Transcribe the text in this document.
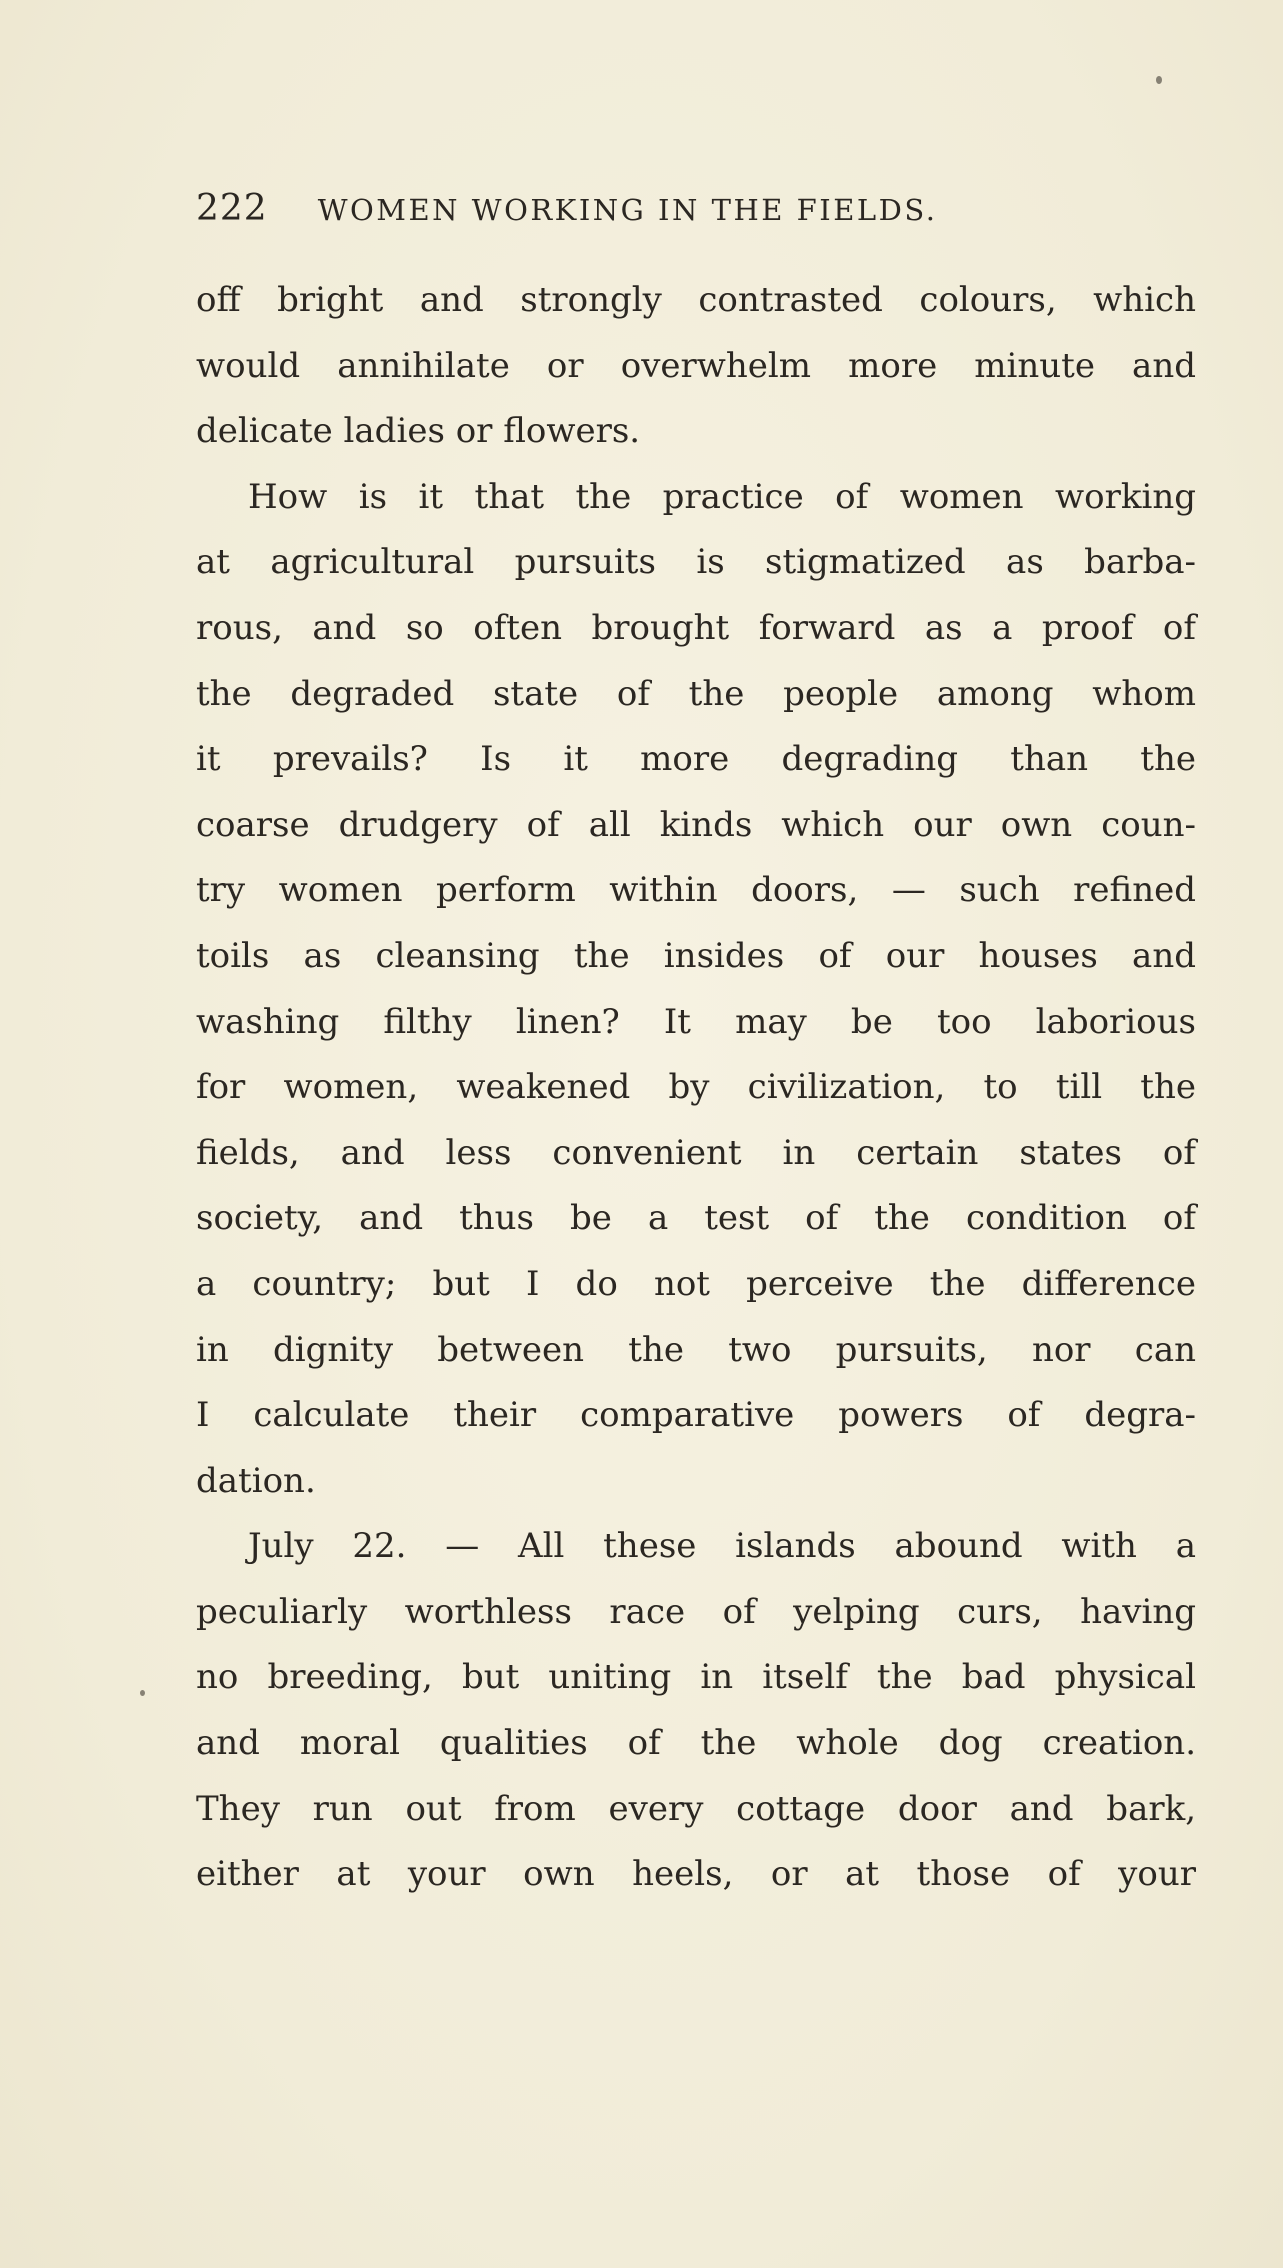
222 WOMEN WORKING IN THE FIELDS.
off bright and strongly contrasted colours, which
would annihilate or overwhelm more minute and
delicate ladies or flowers.
How is it that the practice of women working
at agricultural pursuits is stigmatized as barba-
rous, and so often brought forward as a proof of
the degraded state of the people among whom
it prevails? Is it more degrading than the
coarse drudgery of all kinds which our own coun-
try women perform within doors, — such refined
toils as cleansing the insides of our houses and
washing filthy linen? It may be too laborious
for women, weakened by civilization, to till the
fields, and less convenient in certain states of
society, and thus be a test of the condition of
a country; but I do not perceive the difference
in dignity between the two pursuits, nor can
I calculate their comparative powers of degra-
dation.
July 22. — All these islands abound with a
peculiarly worthless race of yelping curs, having
no breeding, but uniting in itself the bad physical
and moral qualities of the whole dog creation.
They run out from every cottage door and bark,
either at your own heels, or at those of your
